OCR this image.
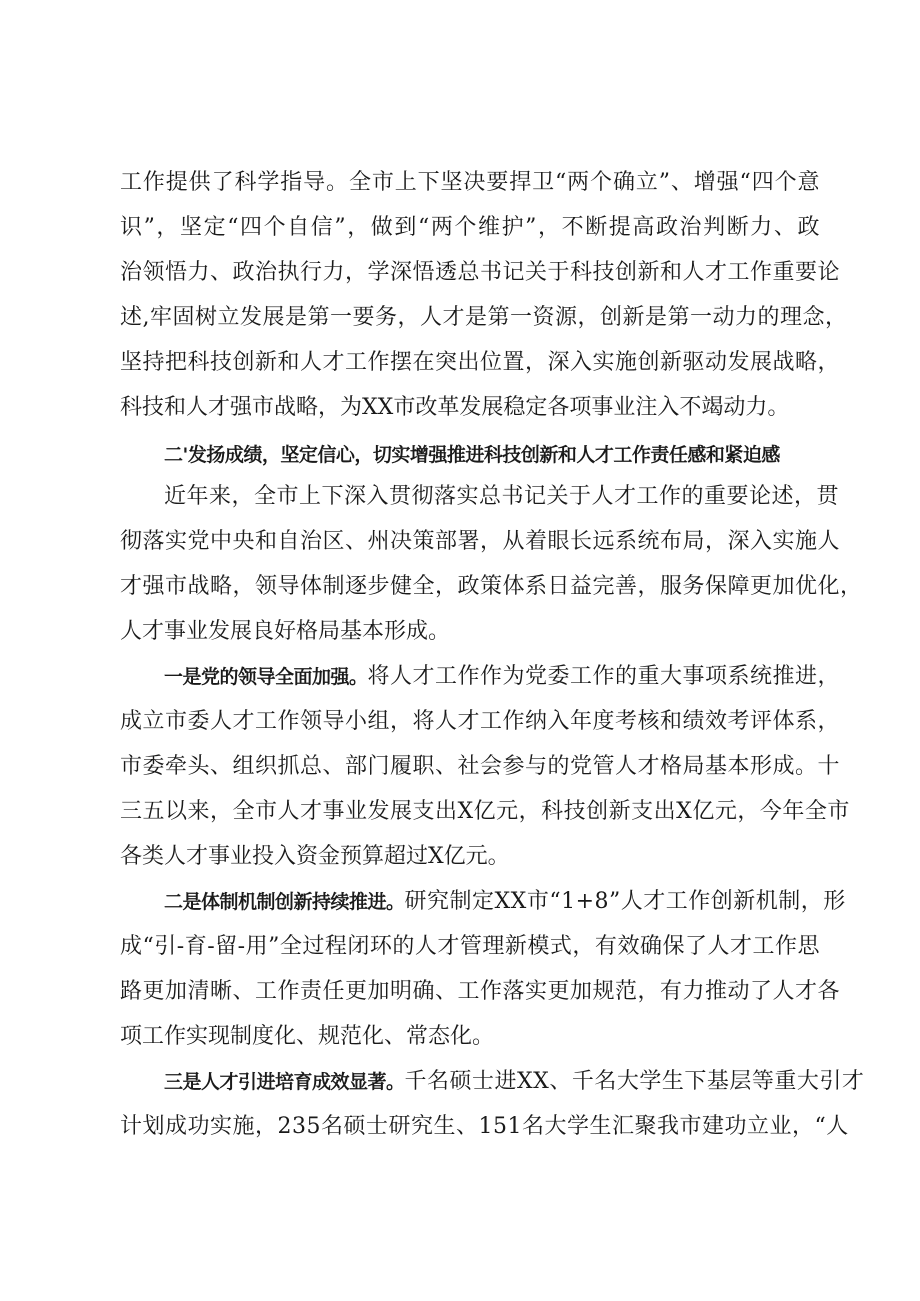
工作提供了科学指导。全市上下坚决要捍卫“两个确立”、增强“四个意
识”，坚定“四个自信”，做到“两个维护”，不断提高政治判断力、政
治领悟力、政治执行力，学深悟透总书记关于科技创新和人才工作重要论
述,牢固树立发展是第一要务，人才是第一资源，创新是第一动力的理念，
坚持把科技创新和人才工作摆在突出位置，深入实施创新驱动发展战略，
科技和人才强市战略，为XX市改革发展稳定各项事业注入不竭动力。
二'发扬成绩，坚定信心，切实增强推进科技创新和人才工作责任感和紧迫感
近年来，全市上下深入贯彻落实总书记关于人才工作的重要论述，贯
彻落实党中央和自治区、州决策部署，从着眼长远系统布局，深入实施人
才强市战略，领导体制逐步健全，政策体系日益完善，服务保障更加优化，
人才事业发展良好格局基本形成。
一是党的领导全面加强。将人才工作作为党委工作的重大事项系统推进，
成立市委人才工作领导小组，将人才工作纳入年度考核和绩效考评体系，
市委牵头、组织抓总、部门履职、社会参与的党管人才格局基本形成。十
三五以来，全市人才事业发展支出X亿元，科技创新支出X亿元，今年全市
各类人才事业投入资金预算超过X亿元。
二是体制机制创新持续推进。研究制定XX市“1+8”人才工作创新机制，形
成“引-育-留-用”全过程闭环的人才管理新模式，有效确保了人才工作思
路更加清晰、工作责任更加明确、工作落实更加规范，有力推动了人才各
项工作实现制度化、规范化、常态化。
三是人才引进培育成效显著。千名硕士进XX、千名大学生下基层等重大引才
计划成功实施，235名硕士研究生、151名大学生汇聚我市建功立业，“人
